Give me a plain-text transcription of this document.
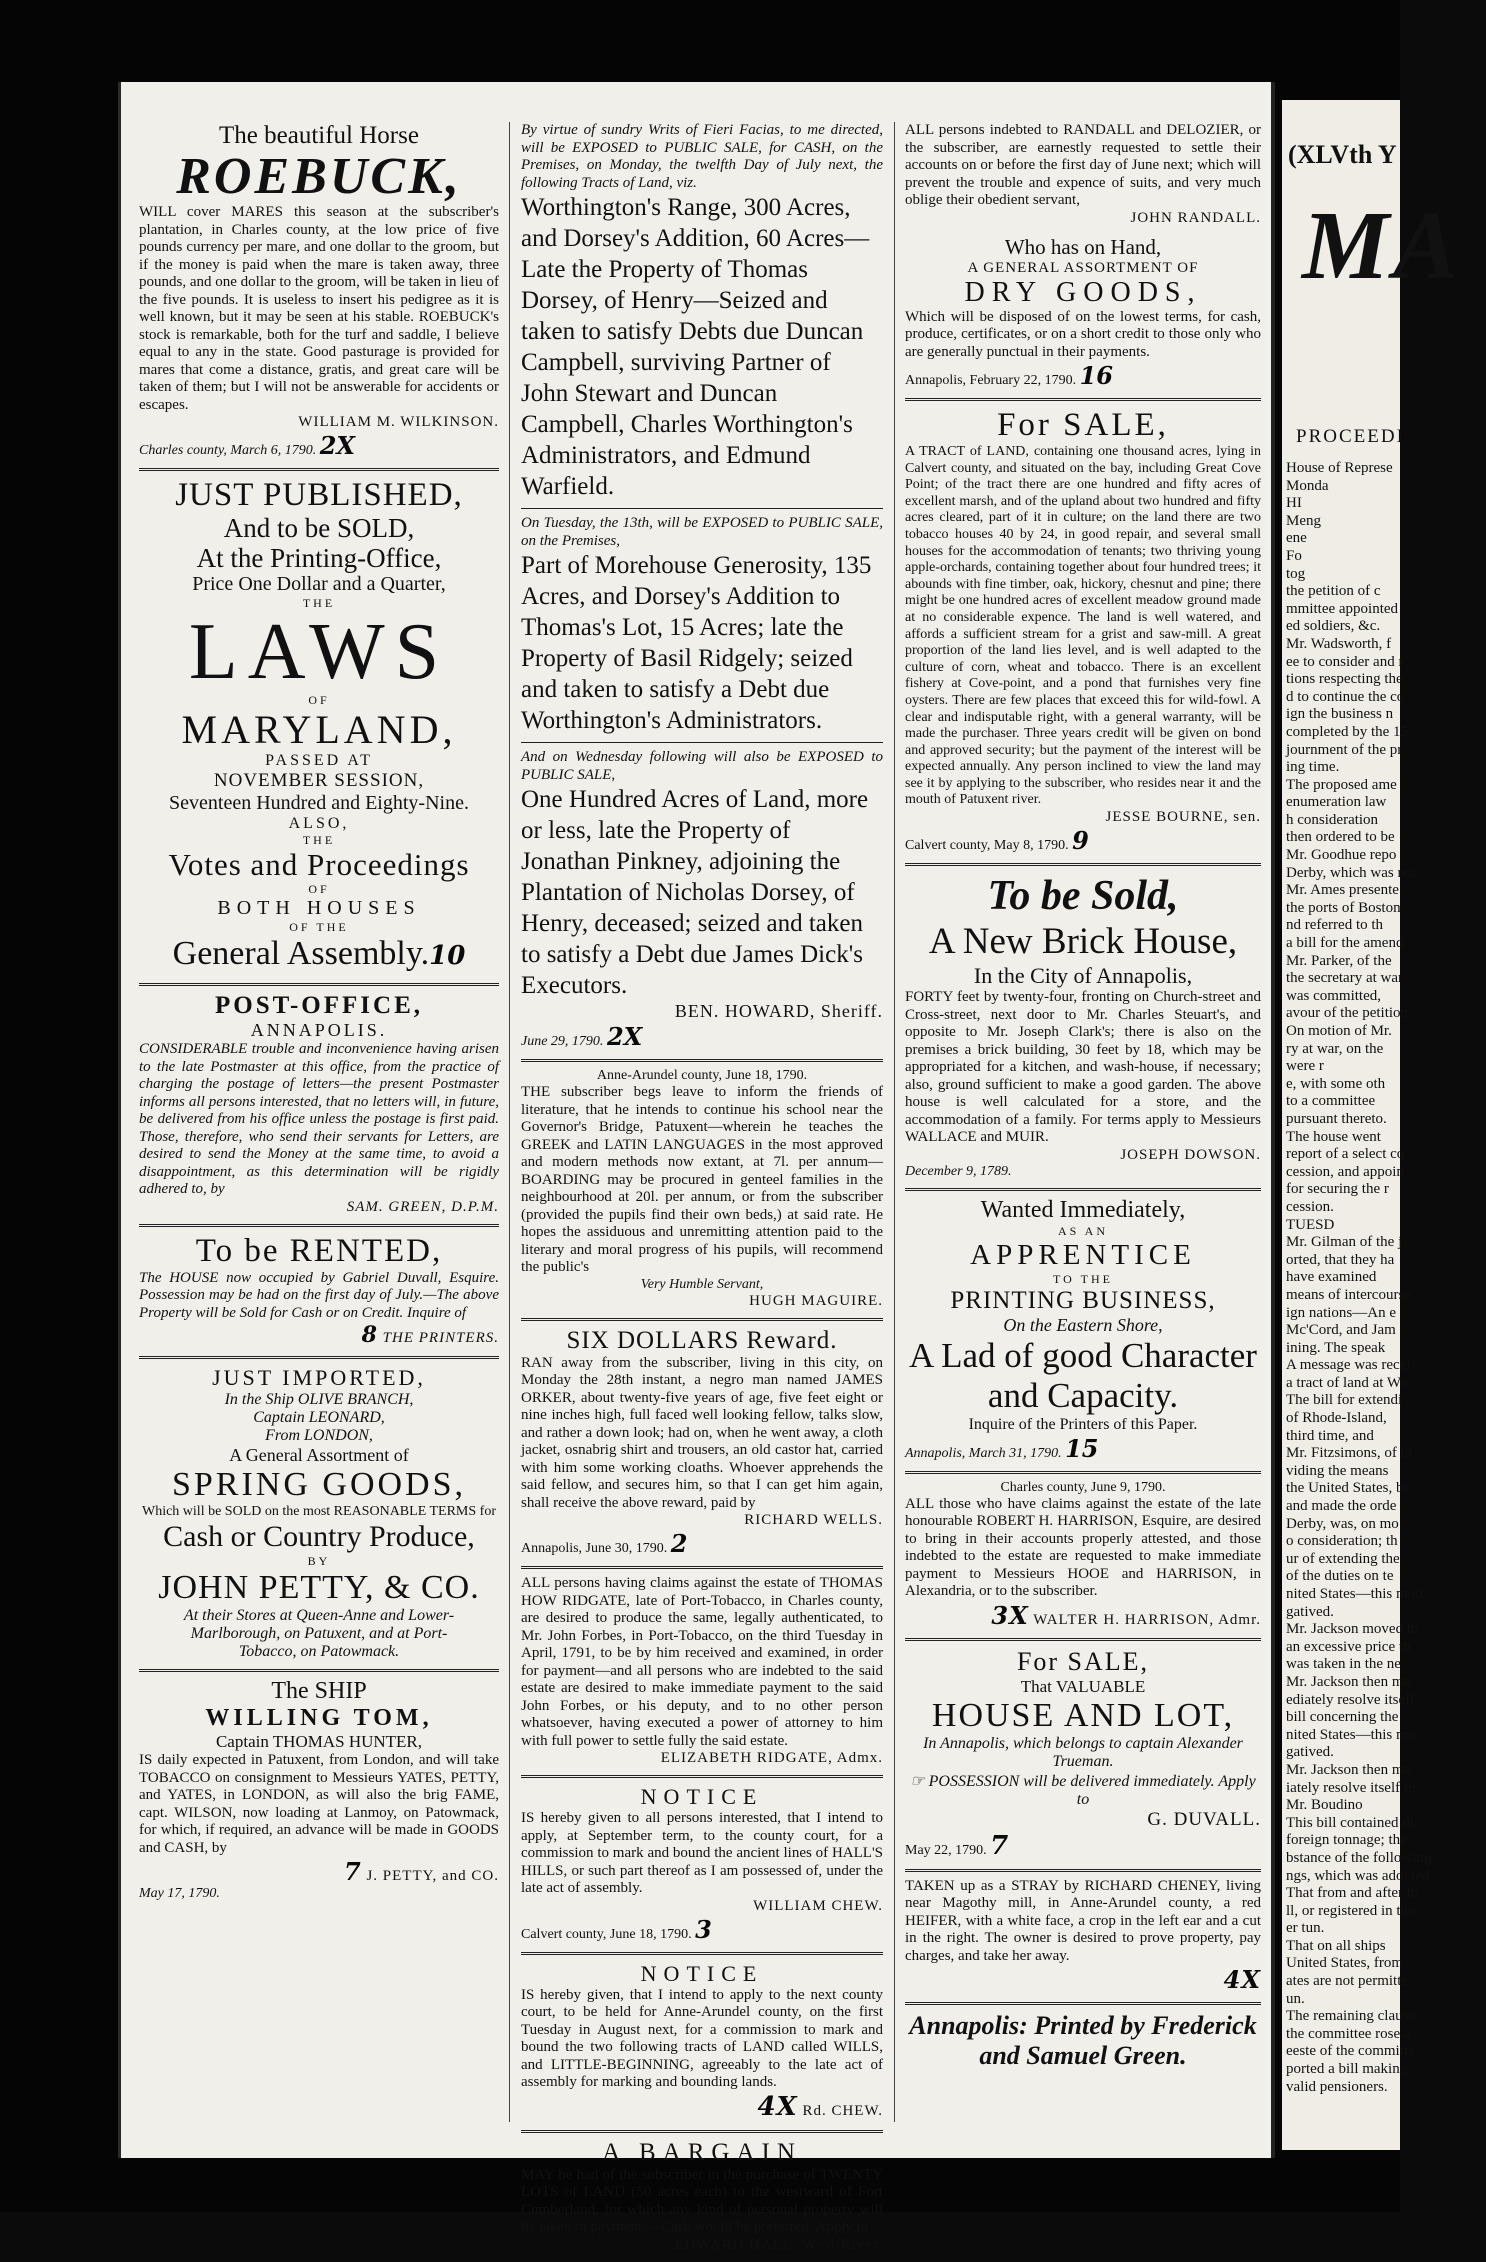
The beautiful Horse
ROEBUCK,
WILL cover MARES this season at the subscriber's plantation, in Charles county, at the low price of five pounds currency per mare, and one dollar to the groom, but if the money is paid when the mare is taken away, three pounds, and one dollar to the groom, will be taken in lieu of the five pounds. It is useless to insert his pedigree as it is well known, but it may be seen at his stable. ROEBUCK's stock is remarkable, both for the turf and saddle, I believe equal to any in the state. Good pasturage is provided for mares that come a distance, gratis, and great care will be taken of them; but I will not be answerable for accidents or escapes.
WILLIAM M. WILKINSON.
Charles county, March 6, 1790. 2X
JUST PUBLISHED,
And to be SOLD,
At the Printing-Office,
Price One Dollar and a Quarter,
THE
LAWS
OF
MARYLAND,
PASSED AT
NOVEMBER SESSION,
Seventeen Hundred and Eighty-Nine.
ALSO,
THE
Votes and Proceedings
OF
BOTH HOUSES
OF THE
General Assembly.10
POST-OFFICE,
ANNAPOLIS.
CONSIDERABLE trouble and inconvenience having arisen to the late Postmaster at this office, from the practice of charging the postage of letters—the present Postmaster informs all persons interested, that no letters will, in future, be delivered from his office unless the postage is first paid. Those, therefore, who send their servants for Letters, are desired to send the Money at the same time, to avoid a disappointment, as this determination will be rigidly adhered to, by
SAM. GREEN, D.P.M.
To be RENTED,
The HOUSE now occupied by Gabriel Duvall, Esquire. Possession may be had on the first day of July.—The above Property will be Sold for Cash or on Credit. Inquire of
8 THE PRINTERS.
JUST IMPORTED,
In the Ship OLIVE BRANCH,
Captain LEONARD,
From LONDON,
A General Assortment of
SPRING GOODS,
Which will be SOLD on the most REASONABLE TERMS for
Cash or Country Produce,
BY
JOHN PETTY, & CO.
At their Stores at Queen-Anne and Lower-Marlborough, on Patuxent, and at Port-Tobacco, on Patowmack.
The SHIP
WILLING TOM,
Captain THOMAS HUNTER,
IS daily expected in Patuxent, from London, and will take TOBACCO on consignment to Messieurs YATES, PETTY, and YATES, in LONDON, as will also the brig FAME, capt. WILSON, now loading at Lanmoy, on Patowmack, for which, if required, an advance will be made in GOODS and CASH, by
7 J. PETTY, and CO.
May 17, 1790.
By virtue of sundry Writs of Fieri Facias, to me directed, will be EXPOSED to PUBLIC SALE, for CASH, on the Premises, on Monday, the twelfth Day of July next, the following Tracts of Land, viz.
Worthington's Range, 300 Acres, and Dorsey's Addition, 60 Acres—Late the Property of Thomas Dorsey, of Henry—Seized and taken to satisfy Debts due Duncan Campbell, surviving Partner of John Stewart and Duncan Campbell, Charles Worthington's Administrators, and Edmund Warfield.
On Tuesday, the 13th, will be EXPOSED to PUBLIC SALE, on the Premises,
Part of Morehouse Generosity, 135 Acres, and Dorsey's Addition to Thomas's Lot, 15 Acres; late the Property of Basil Ridgely; seized and taken to satisfy a Debt due Worthington's Administrators.
And on Wednesday following will also be EXPOSED to PUBLIC SALE,
One Hundred Acres of Land, more or less, late the Property of Jonathan Pinkney, adjoining the Plantation of Nicholas Dorsey, of Henry, deceased; seized and taken to satisfy a Debt due James Dick's Executors.
BEN. HOWARD, Sheriff.
June 29, 1790. 2X
Anne-Arundel county, June 18, 1790.
THE subscriber begs leave to inform the friends of literature, that he intends to continue his school near the Governor's Bridge, Patuxent—wherein he teaches the GREEK and LATIN LANGUAGES in the most approved and modern methods now extant, at 7l. per annum—BOARDING may be procured in genteel families in the neighbourhood at 20l. per annum, or from the subscriber (provided the pupils find their own beds,) at said rate. He hopes the assiduous and unremitting attention paid to the literary and moral progress of his pupils, will recommend the public's
Very Humble Servant,
HUGH MAGUIRE.
SIX DOLLARS Reward.
RAN away from the subscriber, living in this city, on Monday the 28th instant, a negro man named JAMES ORKER, about twenty-five years of age, five feet eight or nine inches high, full faced well looking fellow, talks slow, and rather a down look; had on, when he went away, a cloth jacket, osnabrig shirt and trousers, an old castor hat, carried with him some working cloaths. Whoever apprehends the said fellow, and secures him, so that I can get him again, shall receive the above reward, paid by
RICHARD WELLS.
Annapolis, June 30, 1790. 2
ALL persons having claims against the estate of THOMAS HOW RIDGATE, late of Port-Tobacco, in Charles county, are desired to produce the same, legally authenticated, to Mr. John Forbes, in Port-Tobacco, on the third Tuesday in April, 1791, to be by him received and examined, in order for payment—and all persons who are indebted to the said estate are desired to make immediate payment to the said John Forbes, or his deputy, and to no other person whatsoever, having executed a power of attorney to him with full power to settle fully the said estate.
ELIZABETH RIDGATE, Admx.
NOTICE
IS hereby given to all persons interested, that I intend to apply, at September term, to the county court, for a commission to mark and bound the ancient lines of HALL'S HILLS, or such part thereof as I am possessed of, under the late act of assembly.
WILLIAM CHEW.
Calvert county, June 18, 1790. 3
NOTICE
IS hereby given, that I intend to apply to the next county court, to be held for Anne-Arundel county, on the first Tuesday in August next, for a commission to mark and bound the two following tracts of LAND called WILLS, and LITTLE-BEGINNING, agreeably to the late act of assembly for marking and bounding lands.
4X Rd. CHEW.
A BARGAIN
MAY be had of the subscriber in the purchase of TWENTY LOTS of LAND (50 acres each) to the westward of Fort Cumberland, for which any kind of personal property will be taken in payment.—Cash would be preferred. Apply to
EDWARD HALL, West River.
ALL persons indebted to RANDALL and DELOZIER, or the subscriber, are earnestly requested to settle their accounts on or before the first day of June next; which will prevent the trouble and expence of suits, and very much oblige their obedient servant,
JOHN RANDALL.
Who has on Hand,
A GENERAL ASSORTMENT OF
DRY GOODS,
Which will be disposed of on the lowest terms, for cash, produce, certificates, or on a short credit to those only who are generally punctual in their payments.
Annapolis, February 22, 1790. 16
For SALE,
A TRACT of LAND, containing one thousand acres, lying in Calvert county, and situated on the bay, including Great Cove Point; of the tract there are one hundred and fifty acres of excellent marsh, and of the upland about two hundred and fifty acres cleared, part of it in culture; on the land there are two tobacco houses 40 by 24, in good repair, and several small houses for the accommodation of tenants; two thriving young apple-orchards, containing together about four hundred trees; it abounds with fine timber, oak, hickory, chesnut and pine; there might be one hundred acres of excellent meadow ground made at no considerable expence. The land is well watered, and affords a sufficient stream for a grist and saw-mill. A great proportion of the land lies level, and is well adapted to the culture of corn, wheat and tobacco. There is an excellent fishery at Cove-point, and a pond that furnishes very fine oysters. There are few places that exceed this for wild-fowl. A clear and indisputable right, with a general warranty, will be made the purchaser. Three years credit will be given on bond and approved security; but the payment of the interest will be expected annually. Any person inclined to view the land may see it by applying to the subscriber, who resides near it and the mouth of Patuxent river.
JESSE BOURNE, sen.
Calvert county, May 8, 1790. 9
To be Sold,
A New Brick House,
In the City of Annapolis,
FORTY feet by twenty-four, fronting on Church-street and Cross-street, next door to Mr. Charles Steuart's, and opposite to Mr. Joseph Clark's; there is also on the premises a brick building, 30 feet by 18, which may be appropriated for a kitchen, and wash-house, if necessary; also, ground sufficient to make a good garden. The above house is well calculated for a store, and the accommodation of a family. For terms apply to Messieurs WALLACE and MUIR.
JOSEPH DOWSON.
December 9, 1789.
Wanted Immediately,
AS AN
APPRENTICE
TO THE
PRINTING BUSINESS,
On the Eastern Shore,
A Lad of good Character and Capacity.
Inquire of the Printers of this Paper.
Annapolis, March 31, 1790. 15
Charles county, June 9, 1790.
ALL those who have claims against the estate of the late honourable ROBERT H. HARRISON, Esquire, are desired to bring in their accounts properly attested, and those indebted to the estate are requested to make immediate payment to Messieurs HOOE and HARRISON, in Alexandria, or to the subscriber.
3X WALTER H. HARRISON, Admr.
For SALE,
That VALUABLE
HOUSE AND LOT,
In Annapolis, which belongs to captain Alexander Trueman.
☞ POSSESSION will be delivered immediately. Apply to
G. DUVALL.
May 22, 1790. 7
TAKEN up as a STRAY by RICHARD CHENEY, living near Magothy mill, in Anne-Arundel county, a red HEIFER, with a white face, a crop in the left ear and a cut in the right. The owner is desired to prove property, pay charges, and take her away.
4X
Annapolis: Printed by Frederick and Samuel Green.
(XLVth Y
MA
PROCEEDI
House of Represe
Monda
HI
Meng
ene
Fo
tog
the petition of c
mmittee appointed
ed soldiers, &c.
Mr. Wadsworth, f
ee to consider and r
tions respecting the
d to continue the co
ign the business n
completed by the 15
journment of the pr
ing time.
The proposed ame
enumeration law
h consideration
then ordered to be
Mr. Goodhue repo
Derby, which was rea
Mr. Ames presente
the ports of Boston
nd referred to th
a bill for the amend
Mr. Parker, of the
the secretary at war
was committed,
avour of the petition
On motion of Mr.
ry at war, on the
were r
e, with some oth
to a committee
pursuant thereto.
The house went
report of a select co
cession, and appoin
for securing the r
cession.
TUESD
Mr. Gilman of the j
orted, that they ha
have examined
means of intercourse
ign nations—An e
Mc'Cord, and Jam
ining. The speak
A message was recei
a tract of land at We
The bill for extendi
of Rhode-Island,
third time, and
Mr. Fitzsimons, of th
viding the means
the United States, be
and made the orde
Derby, was, on mo
o consideration; th
ur of extending the
of the duties on te
nited States—this moti
gatived.
Mr. Jackson moved th
an excessive price th
was taken in the ne
Mr. Jackson then mo
ediately resolve itself
bill concerning the
nited States—this mo
gatived.
Mr. Jackson then mo
iately resolve itself in
Mr. Boudino
This bill contained th
foreign tonnage; the
bstance of the following
ngs, which was adopted
That from and after th
ll, or registered in the
er tun.
That on all ships
United States, from
ates are not permitte
un.
The remaining clause
the committee rose a
eeste of the committe
ported a bill making
valid pensioners.
